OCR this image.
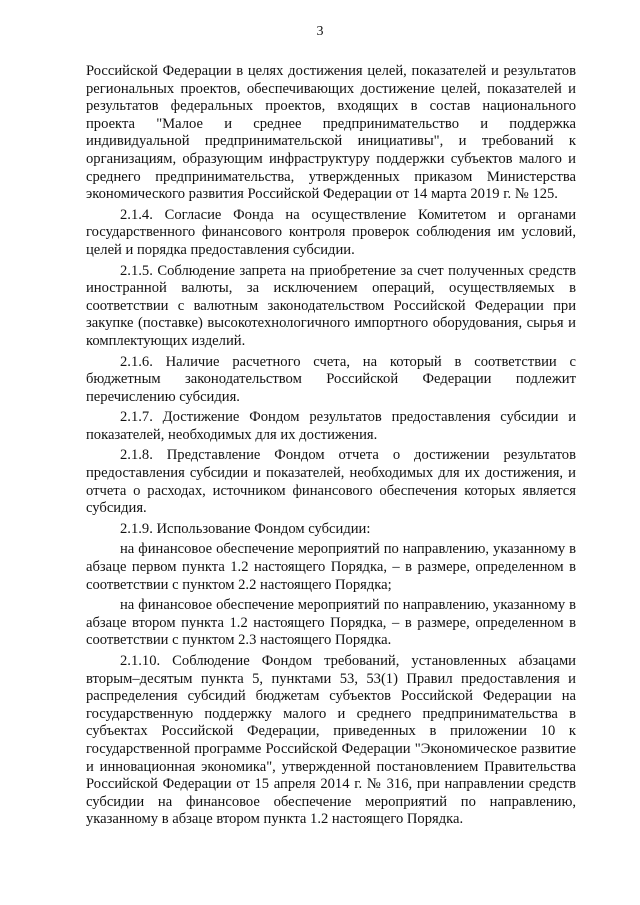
3

Российской Федерации в целях достижения целей, показателей и результатов региональных проектов, обеспечивающих достижение целей, показателей и результатов федеральных проектов, входящих в состав национального проекта "Малое и среднее предпринимательство и поддержка индивидуальной предпринимательской инициативы", и требований к организациям, образующим инфраструктуру поддержки субъектов малого и среднего предпринимательства, утвержденных приказом Министерства экономического развития Российской Федерации от 14 марта 2019 г. № 125.

2.1.4. Согласие Фонда на осуществление Комитетом и органами государственного финансового контроля проверок соблюдения им условий, целей и порядка предоставления субсидии.

2.1.5. Соблюдение запрета на приобретение за счет полученных средств иностранной валюты, за исключением операций, осуществляемых в соответствии с валютным законодательством Российской Федерации при закупке (поставке) высокотехнологичного импортного оборудования, сырья и комплектующих изделий.

2.1.6. Наличие расчетного счета, на который в соответствии с бюджетным законодательством Российской Федерации подлежит перечислению субсидия.

2.1.7. Достижение Фондом результатов предоставления субсидии и показателей, необходимых для их достижения.

2.1.8. Представление Фондом отчета о достижении результатов предоставления субсидии и показателей, необходимых для их достижения, и отчета о расходах, источником финансового обеспечения которых является субсидия.

2.1.9. Использование Фондом субсидии:

на финансовое обеспечение мероприятий по направлению, указанному в абзаце первом пункта 1.2 настоящего Порядка, – в размере, определенном в соответствии с пунктом 2.2 настоящего Порядка;

на финансовое обеспечение мероприятий по направлению, указанному в абзаце втором пункта 1.2 настоящего Порядка, – в размере, определенном в соответствии с пунктом 2.3 настоящего Порядка.

2.1.10. Соблюдение Фондом требований, установленных абзацами вторым–десятым пункта 5, пунктами 53, 53(1) Правил предоставления и распределения субсидий бюджетам субъектов Российской Федерации на государственную поддержку малого и среднего предпринимательства в субъектах Российской Федерации, приведенных в приложении 10 к государственной программе Российской Федерации "Экономическое развитие и инновационная экономика", утвержденной постановлением Правительства Российской Федерации от 15 апреля 2014 г. № 316, при направлении средств субсидии на финансовое обеспечение мероприятий по направлению, указанному в абзаце втором пункта 1.2 настоящего Порядка.
